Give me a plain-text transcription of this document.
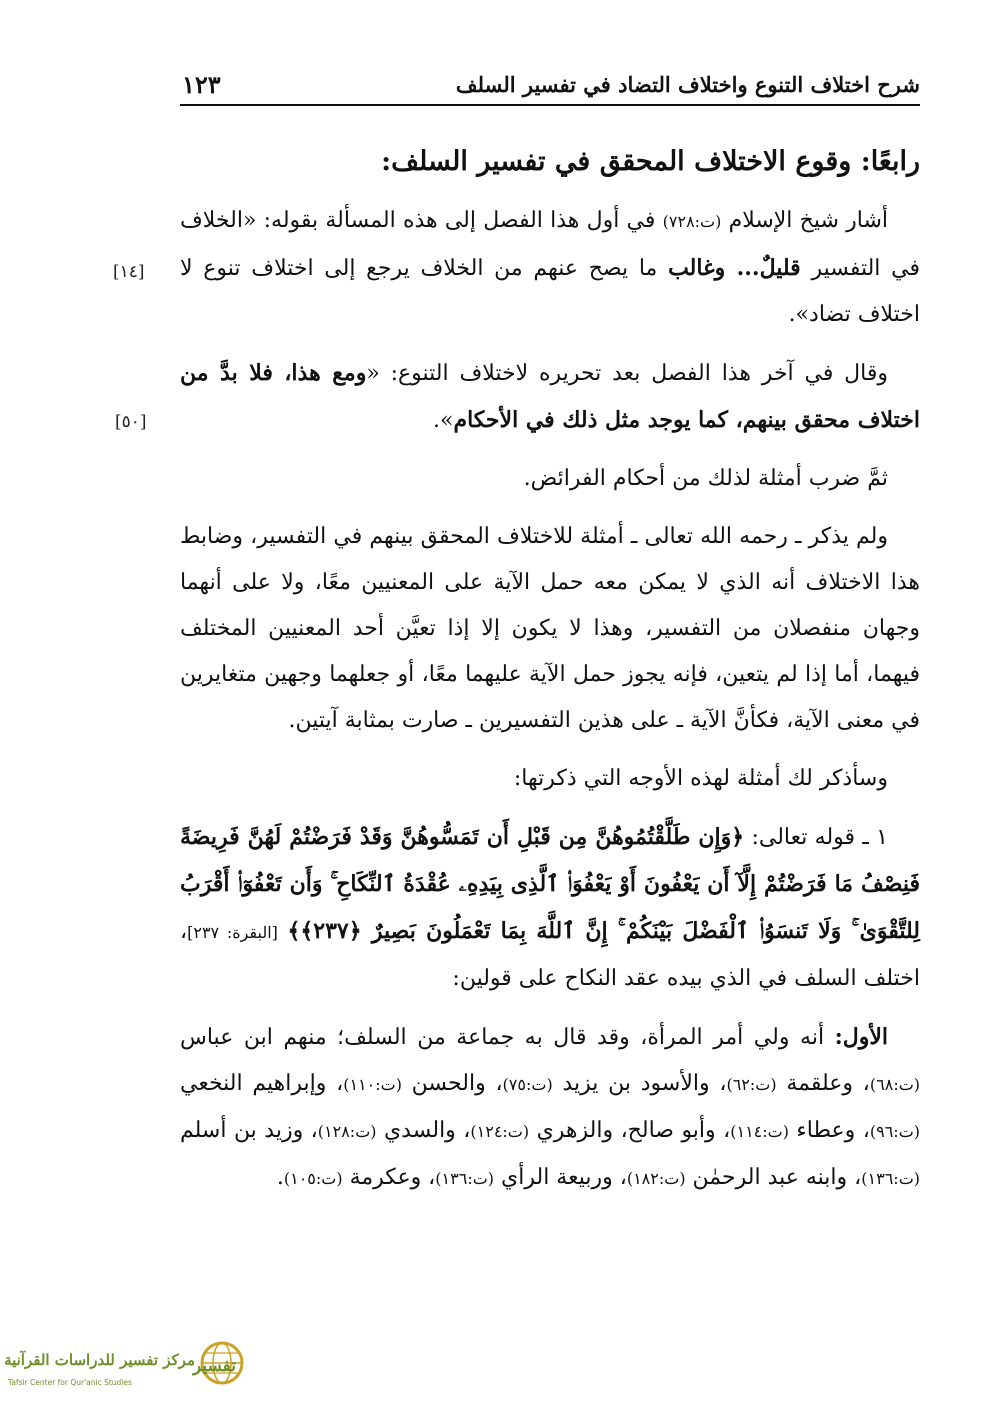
شرح اختلاف التنوع واختلاف التضاد في تفسير السلف
١٢٣
رابعًا: وقوع الاختلاف المحقق في تفسير السلف:

أشار شيخ الإسلام (ت:٧٢٨) في أول هذا الفصل إلى هذه المسألة بقوله: «الخلاف في التفسير قليلٌ... وغالب ما يصح عنهم من الخلاف يرجع إلى اختلاف تنوع لا اختلاف تضاد».

وقال في آخر هذا الفصل بعد تحريره لاختلاف التنوع: «ومع هذا، فلا بدَّ من اختلاف محقق بينهم، كما يوجد مثل ذلك في الأحكام».

ثمَّ ضرب أمثلة لذلك من أحكام الفرائض.

ولم يذكر ـ رحمه الله تعالى ـ أمثلة للاختلاف المحقق بينهم في التفسير، وضابط هذا الاختلاف أنه الذي لا يمكن معه حمل الآية على المعنيين معًا، ولا على أنهما وجهان منفصلان من التفسير، وهذا لا يكون إلا إذا تعيَّن أحد المعنيين المختلف فيهما، أما إذا لم يتعين، فإنه يجوز حمل الآية عليهما معًا، أو جعلهما وجهين متغايرين في معنى الآية، فكأنَّ الآية ـ على هذين التفسيرين ـ صارت بمثابة آيتين.

وسأذكر لك أمثلة لهذه الأوجه التي ذكرتها:

١ ـ قوله تعالى: ﴿وَإِن طَلَّقْتُمُوهُنَّ مِن قَبْلِ أَن تَمَسُّوهُنَّ وَقَدْ فَرَضْتُمْ لَهُنَّ فَرِيضَةً فَنِصْفُ مَا فَرَضْتُمْ إِلَّآ أَن يَعْفُونَ أَوْ يَعْفُوَا۟ ٱلَّذِى بِيَدِهِۦ عُقْدَةُ ٱلنِّكَاحِ ۚ وَأَن تَعْفُوٓا۟ أَقْرَبُ لِلتَّقْوَىٰ ۚ وَلَا تَنسَوُا۟ ٱلْفَضْلَ بَيْنَكُمْ ۚ إِنَّ ٱللَّهَ بِمَا تَعْمَلُونَ بَصِيرٌ ﴿٢٣٧﴾﴾ [البقرة: ٢٣٧]، اختلف السلف في الذي بيده عقد النكاح على قولين:

الأول: أنه ولي أمر المرأة، وقد قال به جماعة من السلف؛ منهم ابن عباس (ت:٦٨)، وعلقمة (ت:٦٢)، والأسود بن يزيد (ت:٧٥)، والحسن (ت:١١٠)، وإبراهيم النخعي (ت:٩٦)، وعطاء (ت:١١٤)، وأبو صالح، والزهري (ت:١٢٤)، والسدي (ت:١٢٨)، وزيد بن أسلم (ت:١٣٦)، وابنه عبد الرحمٰن (ت:١٨٢)، وربيعة الرأي (ت:١٣٦)، وعكرمة (ت:١٠٥).

[١٤]
[٥٠]
تفسير
مركز تفسير للدراسات القرآنية
Tafsir Center for Qur'anic Studies
